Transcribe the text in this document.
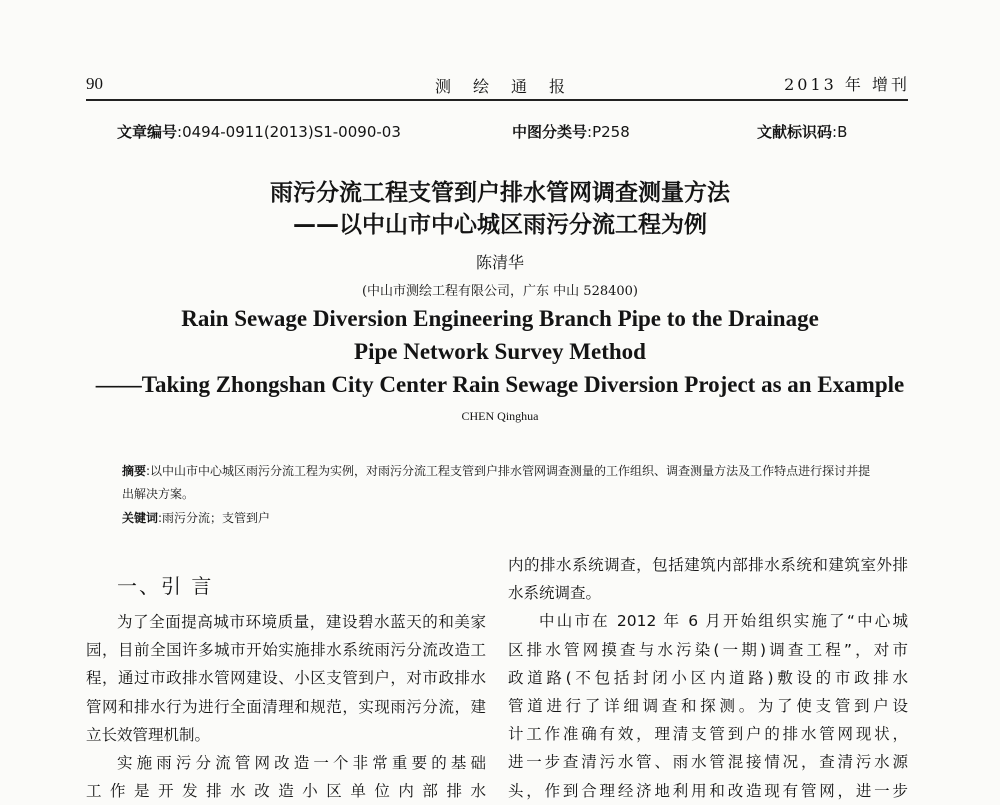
90	测绘通报	2013 年 增刊
文章编号:0494-0911(2013)S1-0090-03	中图分类号:P258	文献标识码:B
雨污分流工程支管到户排水管网调查测量方法
——以中山市中心城区雨污分流工程为例
陈清华
(中山市测绘工程有限公司，广东 中山 528400)
Rain Sewage Diversion Engineering Branch Pipe to the Drainage
Pipe Network Survey Method
——Taking Zhongshan City Center Rain Sewage Diversion Project as an Example
CHEN Qinghua
摘要:以中山市中心城区雨污分流工程为实例，对雨污分流工程支管到户排水管网调查测量的工作组织、调查测量方法及工作特点进行探讨并提出解决方案。
关键词:雨污分流；支管到户
一、引 言

为了全面提高城市环境质量，建设碧水蓝天的和美家园，目前全国许多城市开始实施排水系统雨污分流改造工程，通过市政排水管网建设、小区支管到户，对市政排水管网和排水行为进行全面清理和规范，实现雨污分流，建立长效管理机制。

实施雨污分流管网改造一个非常重要的基础

工作是开发排水改造小区单位内部排水

内的排水系统调查，包括建筑内部排水系统和建筑室外排水系统调查。

中山市在 2012 年 6 月开始组织实施了“中心城

区排水管网摸查与水污染(一期)调查工程”，对市

政道路(不包括封闭小区内道路)敷设的市政排水

管道进行了详细调查和探测。为了使支管到户设

计工作准确有效，理清支管到户的排水管网现状，

进一步查清污水管、雨水管混接情况，查清污水源

头，作到合理经济地利用和改造现有管网，进一步
